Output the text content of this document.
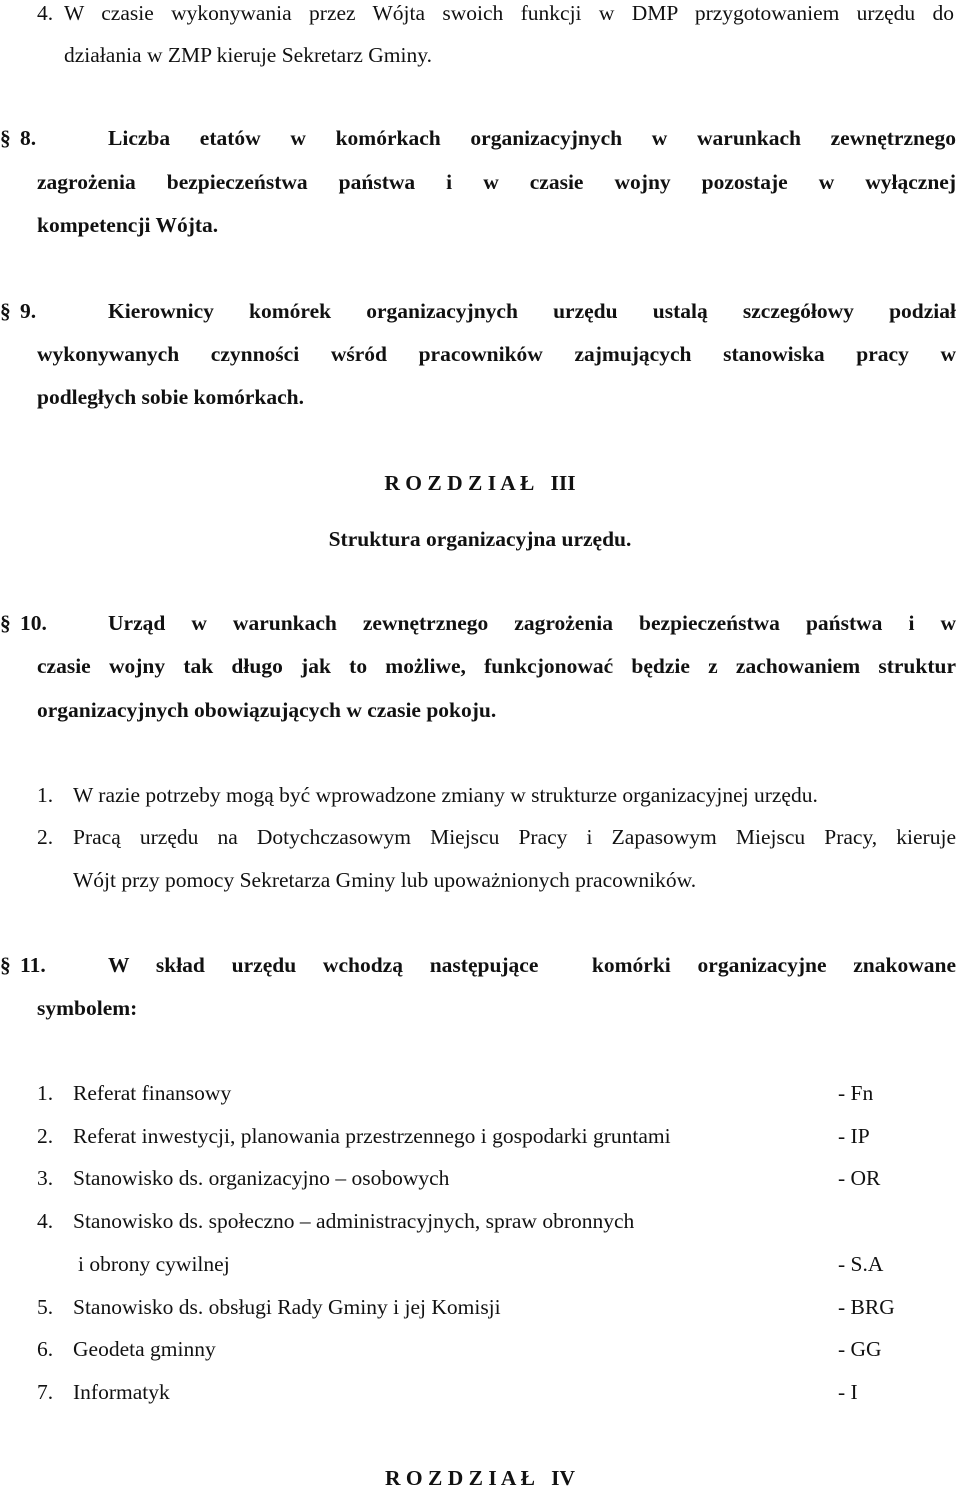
4. W czasie wykonywania przez Wójta swoich funkcji w DMP przygotowaniem urzędu do
działania w ZMP kieruje Sekretarz Gminy.
§ 8.	Liczba etatów w komórkach organizacyjnych w warunkach zewnętrznego
zagrożenia bezpieczeństwa państwa i w czasie wojny pozostaje w wyłącznej
kompetencji Wójta.
§ 9.	Kierownicy komórek organizacyjnych urzędu ustalą szczegółowy podział
wykonywanych czynności wśród pracowników zajmujących stanowiska pracy w
podległych sobie komórkach.
R O Z D Z I A Ł   III
Struktura organizacyjna urzędu.
§ 10.	Urząd w warunkach zewnętrznego zagrożenia bezpieczeństwa państwa i w
czasie wojny tak długo jak to możliwe, funkcjonować będzie z zachowaniem struktur
organizacyjnych obowiązujących w czasie pokoju.
1. W razie potrzeby mogą być wprowadzone zmiany w strukturze organizacyjnej urzędu.
2. Pracą urzędu na Dotychczasowym Miejscu Pracy i Zapasowym Miejscu Pracy, kieruje
Wójt przy pomocy Sekretarza Gminy lub upoważnionych pracowników.
§ 11.	W skład urzędu wchodzą następujące  komórki organizacyjne znakowane
symbolem:
1. Referat finansowy	- Fn
2. Referat inwestycji, planowania przestrzennego i gospodarki gruntami	- IP
3. Stanowisko ds. organizacyjno – osobowych	- OR
4. Stanowisko ds. społeczno – administracyjnych, spraw obronnych
i obrony cywilnej	- S.A
5. Stanowisko ds. obsługi Rady Gminy i jej Komisji	- BRG
6. Geodeta gminny	- GG
7. Informatyk	- I
R O Z D Z I A Ł   IV
